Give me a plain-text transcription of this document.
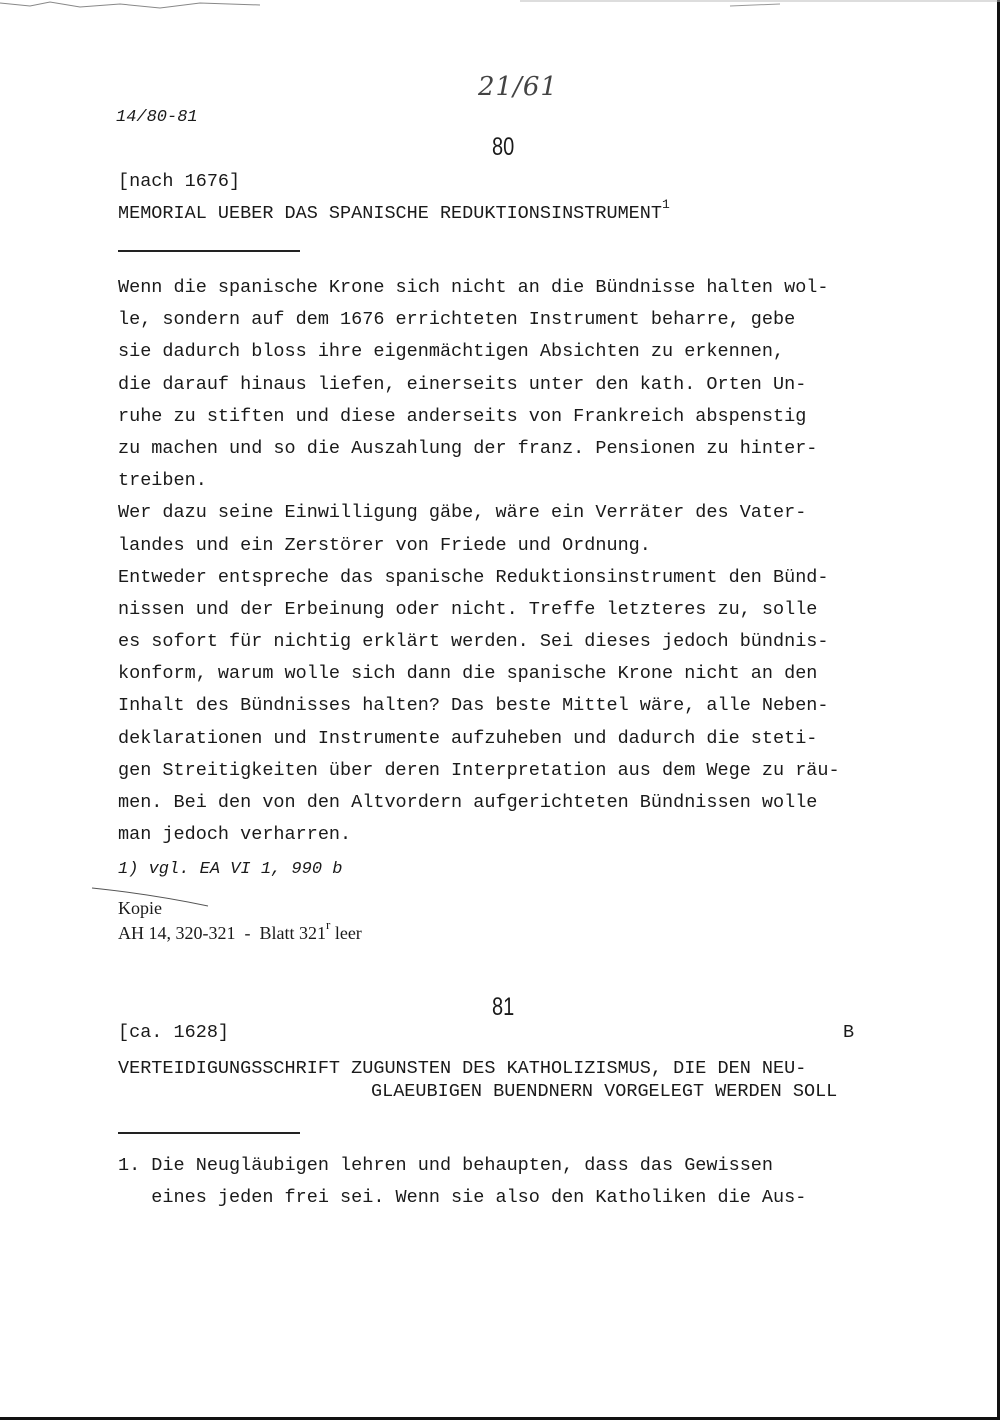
14/80-81
21/61
80
[nach 1676]
MEMORIAL UEBER DAS SPANISCHE REDUKTIONSINSTRUMENT$^1$
Wenn die spanische Krone sich nicht an die Bündnisse halten wol-
le, sondern auf dem 1676 errichteten Instrument beharre, gebe
sie dadurch bloss ihre eigenmächtigen Absichten zu erkennen,
die darauf hinaus liefen, einerseits unter den kath. Orten Un-
ruhe zu stiften und diese anderseits von Frankreich abspenstig
zu machen und so die Auszahlung der franz. Pensionen zu hinter-
treiben.
Wer dazu seine Einwilligung gäbe, wäre ein Verräter des Vater-
landes und ein Zerstörer von Friede und Ordnung.
Entweder entspreche das spanische Reduktionsinstrument den Bünd-
nissen und der Erbeinung oder nicht. Treffe letzteres zu, solle
es sofort für nichtig erklärt werden. Sei dieses jedoch bündnis-
konform, warum wolle sich dann die spanische Krone nicht an den
Inhalt des Bündnisses halten? Das beste Mittel wäre, alle Neben-
deklarationen und Instrumente aufzuheben und dadurch die steti-
gen Streitigkeiten über deren Interpretation aus dem Wege zu räu-
men. Bei den von den Altvordern aufgerichteten Bündnissen wolle
man jedoch verharren.
1) vgl. EA VI 1, 990 b
Kopie
AH 14, 320-321  -  Blatt 321$^r$ leer
81
[ca. 1628]	B
VERTEIDIGUNGSSCHRIFT ZUGUNSTEN DES KATHOLIZISMUS, DIE DEN NEU-
GLAEUBIGEN BUENDNERN VORGELEGT WERDEN SOLL
1. Die Neugläubigen lehren und behaupten, dass das Gewissen
eines jeden frei sei. Wenn sie also den Katholiken die Aus-
